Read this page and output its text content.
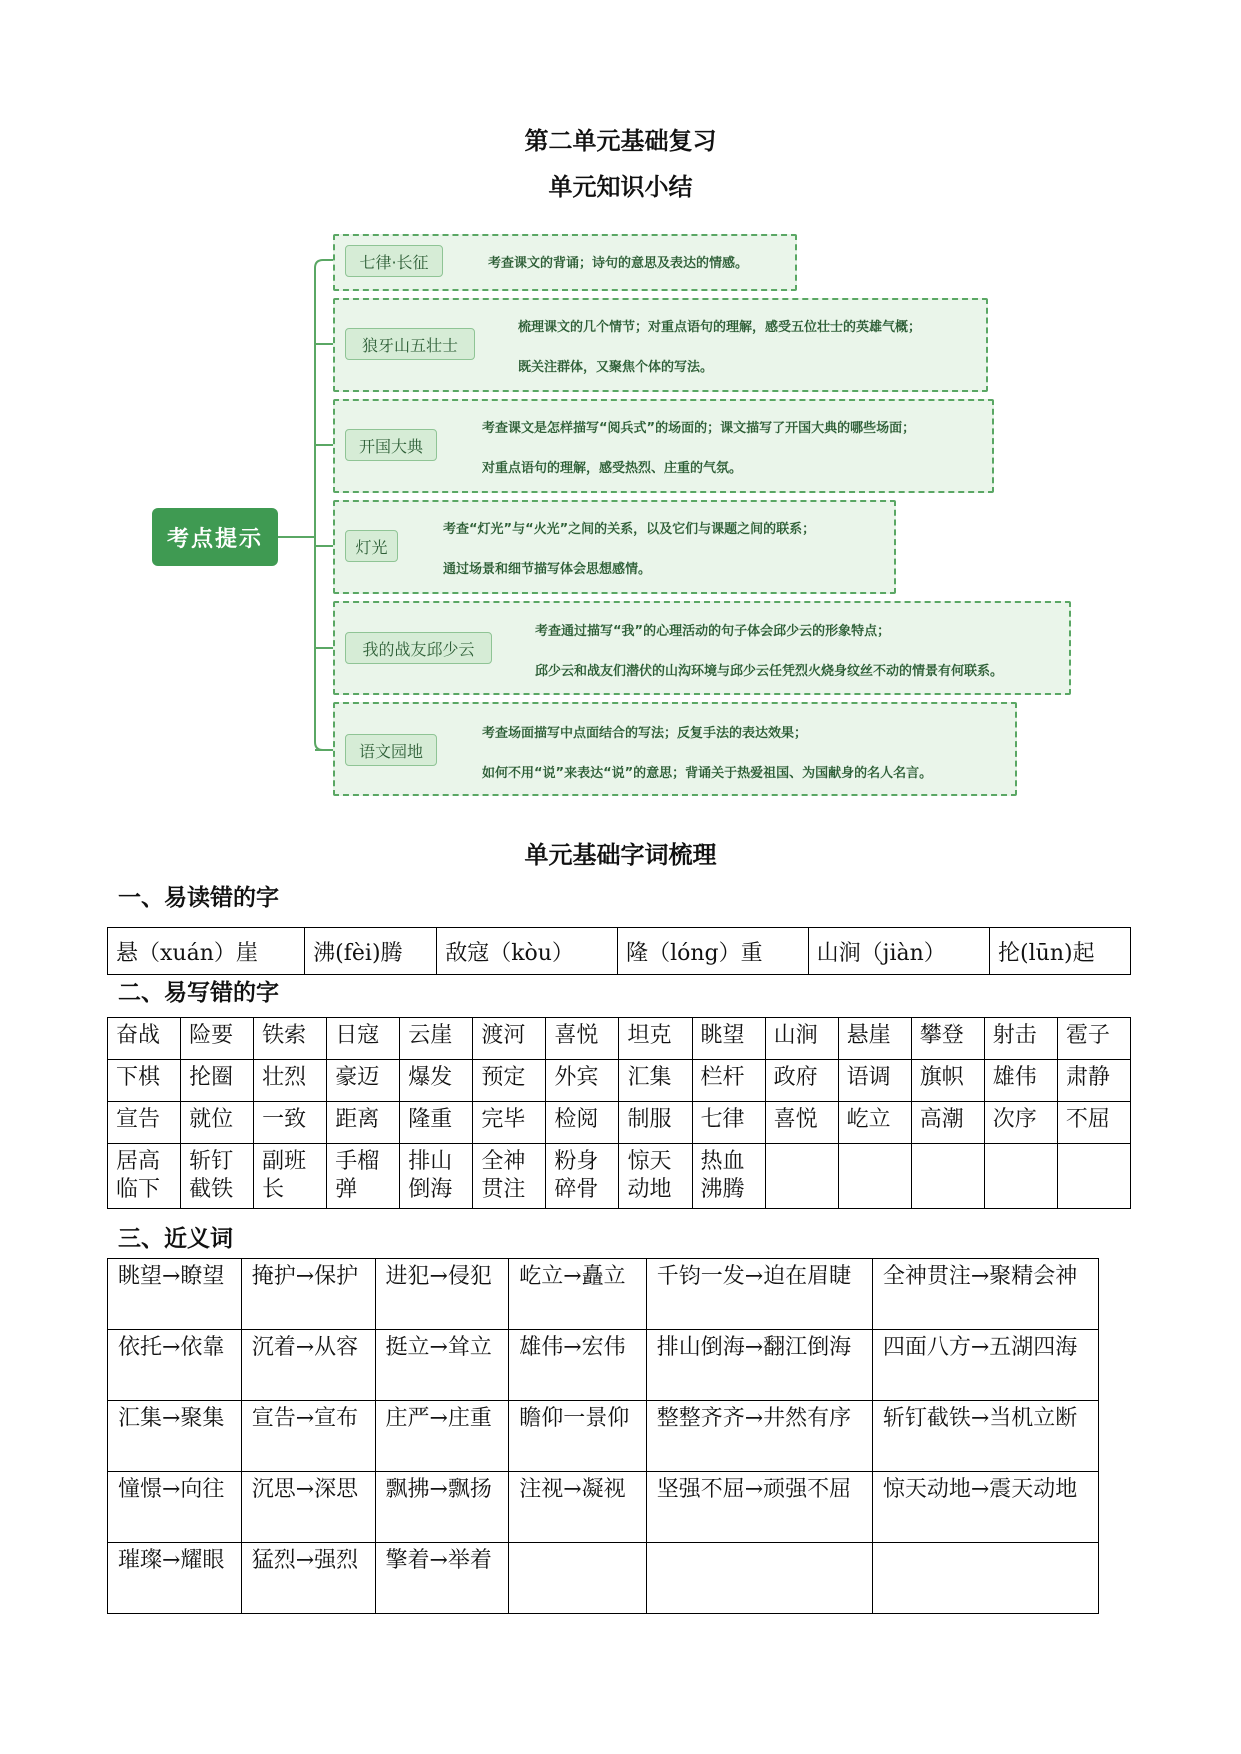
第二单元基础复习
单元知识小结
考点提示
七律·长征
狼牙山五壮士
开国大典
灯光
我的战友邱少云
语文园地
考查课文的背诵；诗句的意思及表达的情感。
梳理课文的几个情节；对重点语句的理解，感受五位壮士的英雄气概；
既关注群体，又聚焦个体的写法。
考查课文是怎样描写“阅兵式”的场面的；课文描写了开国大典的哪些场面；
对重点语句的理解，感受热烈、庄重的气氛。
考查“灯光”与“火光”之间的关系，以及它们与课题之间的联系；
通过场景和细节描写体会思想感情。
考查通过描写“我”的心理活动的句子体会邱少云的形象特点；
邱少云和战友们潜伏的山沟环境与邱少云任凭烈火烧身纹丝不动的情景有何联系。
考查场面描写中点面结合的写法；反复手法的表达效果；
如何不用“说”来表达“说”的意思；背诵关于热爱祖国、为国献身的名人名言。
单元基础字词梳理
一、易读错的字
悬（xuán）崖	沸(fèi)腾	敌寇（kòu）	隆（lóng）重	山涧（jiàn）	抡(lūn)起
二、易写错的字
奋战	险要	铁索	日寇	云崖	渡河	喜悦	坦克	眺望	山涧	悬崖	攀登	射击	雹子
下棋	抡圈	壮烈	豪迈	爆发	预定	外宾	汇集	栏杆	政府	语调	旗帜	雄伟	肃静
宣告	就位	一致	距离	隆重	完毕	检阅	制服	七律	喜悦	屹立	高潮	次序	不屈
居高临下	斩钉截铁	副班长	手榴弹	排山倒海	全神贯注	粉身碎骨	惊天动地	热血沸腾					
三、近义词
眺望→瞭望	掩护→保护	进犯→侵犯	屹立→矗立	千钧一发→迫在眉睫	全神贯注→聚精会神
依托→依靠	沉着→从容	挺立→耸立	雄伟→宏伟	排山倒海→翻江倒海	四面八方→五湖四海
汇集→聚集	宣告→宣布	庄严→庄重	瞻仰一景仰	整整齐齐→井然有序	斩钉截铁→当机立断
憧憬→向往	沉思→深思	飘拂→飘扬	注视→凝视	坚强不屈→顽强不屈	惊天动地→震天动地
璀璨→耀眼	猛烈→强烈	擎着→举着			
